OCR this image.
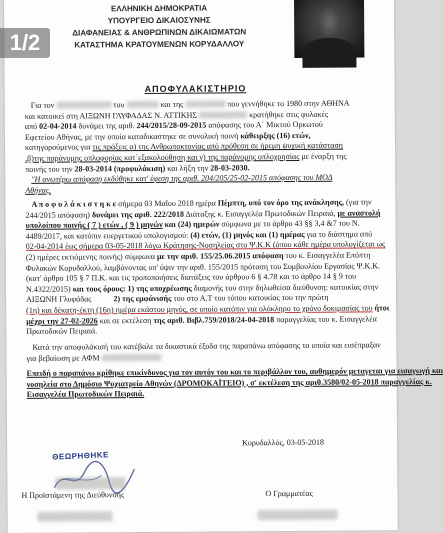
1/2
ΕΛΛΗΝΙΚΗ ΔΗΜΟΚΡΑΤΙΑ
ΥΠΟΥΡΓΕΙΟ ΔΙΚΑΙΟΣΥΝΗΣ
ΔΙΑΦΑΝΕΙΑΣ & ΑΝΘΡΩΠΙΝΩΝ ΔΙΚΑΙΩΜΑΤΩΝ
ΚΑΤΑΣΤΗΜΑ ΚΡΑΤΟΥΜΕΝΩΝ ΚΟΡΥΔΑΛΛΟΥ
ΑΠΟΦΥΛΑΚΙΣΤΗΡΙΟ
Για τον	του	και της	που γεννήθηκε το 1980 στην ΑΘΗΝΑ
και κατοικεί στη ΑΙΞΩΝΗ ΓΛΥΦΑΔΑΣ Ν. ΑΤΤΙΚΗΣ	κρατήθηκε στις φυλακές
από 02-04-2014 δυνάμει της αριθ. 244/2015/28-09-2015 απόφασης του Α΄ Μικτού Ορκωτού
Εφετείου Αθήνας, με την οποία καταδικαστηκε σε συνολική ποινή κάθειρξης (16) ετών,
κατηγορούμενος για τις πράξεις α) της Ανθρωποκτονίας από πρόθεση σε ήρεμη ψυχική κατάσταση
,β)της παράνομης οπλοφορίας κατ΄εξακολούθηση και γ) της παράνομης οπλοχρησίας με έναρξη της
ποινής του την 28-03-2014 (προφυλάκιση) και λήξη την 28-03-2030.
"Η ανωτέρω απόφαση εκδόθηκε κατ' έφεση της αριθ. 204/205/25-02-2015 απόφασης του ΜΟΔ
Αθήνας.
Α π ο φ υ λ ά κ ι σ τ η κ ε σήμερα 03 Μαΐου 2018 ημέρα Πέμπτη, υπό τον όρο της ανάκλησης, (για την
244/2015 απόφαση) δυνάμει της αριθ. 222/2018 Διάταξης κ. Εισαγγελέα Πρωτοδικών Πειραιά, με αναστολή
υπολοίπου ποινής ( 7 ) ετών , ( 9 ) μηνών και (24) ημερών σύμφωνα με το άρθρο 43 §§ 3,4 &7 του Ν.
4489/2017, και κατόπιν ευεργετικού υπολογισμού: (4) ετών, (1) μηνός και (1) ημέρας για το διάστημα από
02-04-2014 έως σήμερα 03-05-2018 λόγω Κράτησης-Νοσηλείας στο Ψ.Κ.Κ (όπου κάθε ημέρα υπολογίζεται ως
(2) ημέρες εκτιόμενης ποινής) σύμφωνα με την αριθ. 155/25.06.2015 απόφαση του κ. Εισαγγελέα Επόπτη
Φυλακών Κορυδαλλού, λαμβάνοντας υπ' όψιν την αριθ. 155/2015 πρόταση του Συμβουλίου Εργασίας Ψ.Κ.Κ.
(κατ' άρθρο 105 § 7 Π.Κ. και τις τροποποιήσεις διατάξεις του άρθρου 6 § 4.78 και το άρθρο 14 § 9 του
Ν.4322/2015) και τους όρους: 1) της υποχρέωσης διαμονής του στην δηλωθείσα διεύθυνση: κατοικίας στην
ΑΙΞΩΝΗ Γλυφάδας	2) της εμφάνισής του στο Α.Τ του τόπου κατοικίας του την πρώτη
(1η) και δέκατη-έκτη (16η) ημέρα εκάστου μηνός, σε οποίο κατόπιν για ολόκληρο το χρόνο δοκιμασίας του ήτοι
μέχρι την 27-02-2026 και σε εκτέλεση της αριθ. Βιβλ.759/2018/24-04-2018 παραγγελίας του κ. Εισαγγελέα
Πρωτοδικών Πειραιά.
Κατά την αποφυλάκισή του κατέβαλε τα δικαστικά έξοδα της παραπάνω απόφασης τα οποία και εισέπραξαν
για βεβαίωση με ΑΦΜ
Επειδή ο παραπάνω κρίθηκε επικίνδυνος για τον αυτόν του και το περιβάλλον του, αυθημερόν μεταγεται για εισαγωγή και
νοσηλεία στο Δημόσιο Ψυχιατρείο Αθηνών (ΔΡΟΜΟΚΑΪΤΕΙΟ) , σ' εκτέλεση της αριθ.3580/02-05-2018 παραγγελίας κ.
Εισαγγελέα Πρωτοδικών Πειραιά.
Κορυδαλλός, 03-05-2018
ΘΕΩΡΗΘΗΚΕ
Η Προϊστάμενη της Διεύθυνσης	Ο Γραμματέας
